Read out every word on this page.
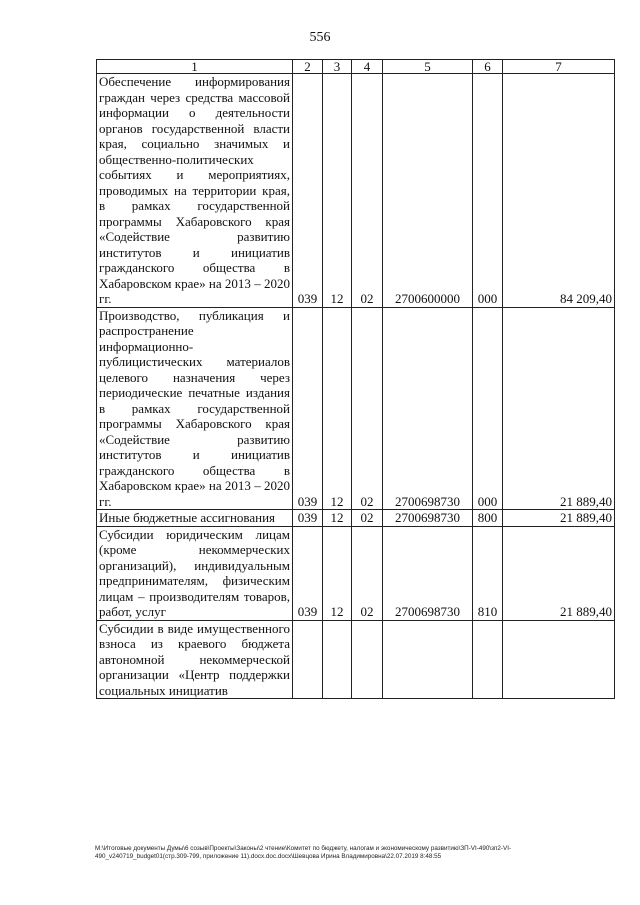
556
1	2	3	4	5	6	7
Обеспечение информирования граждан через средства массовой информации о деятельности органов государственной власти края, социально значимых и общественно-политических событиях и мероприятиях, проводимых на территории края, в рамках государственной программы Хабаровского края «Содействие развитию институтов и инициатив гражданского общества в Хабаровском крае» на 2013 – 2020 гг.	039	12	02	2700600000	000	84 209,40
Производство, публикация и распространение информационно-публицистических материалов целевого назначения через периодические печатные издания в рамках государственной программы Хабаровского края «Содействие развитию институтов и инициатив гражданского общества в Хабаровском крае» на 2013 – 2020 гг.	039	12	02	2700698730	000	21 889,40
Иные бюджетные ассигнования	039	12	02	2700698730	800	21 889,40
Субсидии юридическим лицам (кроме некоммерческих организаций), индивидуальным предпринимателям, физическим лицам – производителям товаров, работ, услуг	039	12	02	2700698730	810	21 889,40
Субсидии в виде имущественного взноса из краевого бюджета автономной некоммерческой организации «Центр поддержки социальных инициатив						
М:\Итоговые документы Думы\6 созыв\Проекты\Законы\2 чтение\Комитет по бюджету, налогам и экономическому развитию\ЗП-VI-490\зп2-VI-
490_v240719_budget01(стр.309-799, приложение 11).docx.doc.docx\Шевцова Ирина Владимировна\22.07.2019 8:48:55
